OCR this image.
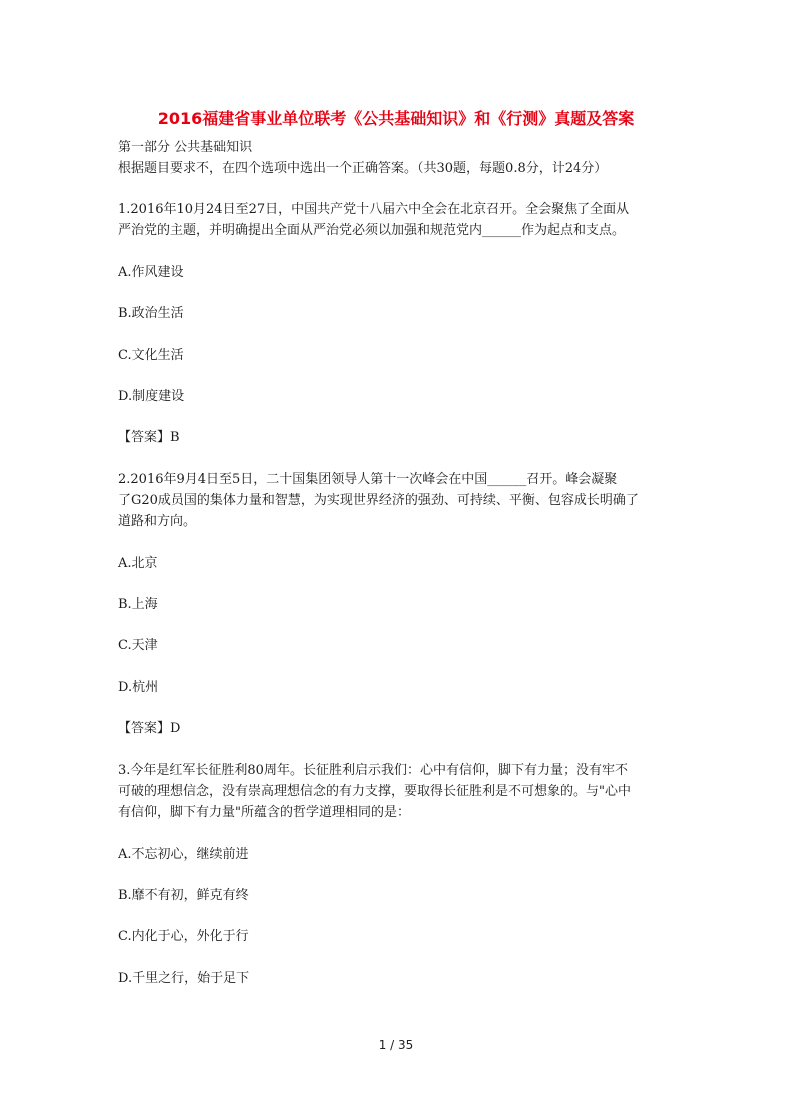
2016福建省事业单位联考《公共基础知识》和《行测》真题及答案
第一部分 公共基础知识
根据题目要求不，在四个选项中选出一个正确答案。（共30题，每题0.8分，计24分）
1.2016年10月24日至27日，中国共产党十八届六中全会在北京召开。全会聚焦了全面从
严治党的主题，并明确提出全面从严治党必须以加强和规范党内______作为起点和支点。
A.作风建设
B.政治生活
C.文化生活
D.制度建设
【答案】B
2.2016年9月4日至5日，二十国集团领导人第十一次峰会在中国______召开。峰会凝聚
了G20成员国的集体力量和智慧，为实现世界经济的强劲、可持续、平衡、包容成长明确了
道路和方向。
A.北京
B.上海
C.天津
D.杭州
【答案】D
3.今年是红军长征胜利80周年。长征胜利启示我们：心中有信仰，脚下有力量；没有牢不
可破的理想信念，没有崇高理想信念的有力支撑，要取得长征胜利是不可想象的。与"心中
有信仰，脚下有力量"所蕴含的哲学道理相同的是：
A.不忘初心，继续前进
B.靡不有初，鲜克有终
C.内化于心，外化于行
D.千里之行，始于足下
1 / 35
